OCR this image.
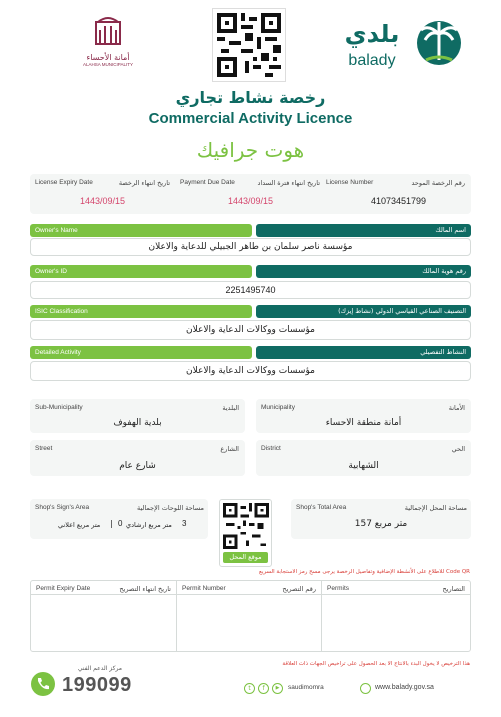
أمانة الأحساء
ALAHSA MUNICIPALITY
بلدي
balady
رخصة نشاط تجاري
Commercial Activity Licence
هوت جرافيك
License Expiry Date	تاريخ انتهاء الرخصة
1443/09/15
Payment Due Date	تاريخ انتهاء فترة السداد
1443/09/15
License Number	رقم الرخصة الموحد
41073451799
Owner's Name	اسم المالك
مؤسسة ناصر سلمان بن طاهر الجبيلي للدعاية والاعلان
Owner's ID	رقم هوية المالك
2251495740
ISIC Classification	التصنيف الصناعي القياسي الدولي (نشاط إيزك)
مؤسسات ووكالات الدعاية والاعلان
Detailed Activity	النشاط التفصيلي
مؤسسات ووكالات الدعاية والاعلان
Sub-Municipality	البلدية
بلدية الهفوف
Municipality	الأمانة
أمانة منطقة الاحساء
Street	الشارع
شارع عام
District	الحي
الشهابية
Shop's Sign's Area	مساحة اللوحات الإجمالية
متر مربع اعلاني | 0 متر مربع ارشادي 3
موقع المحل
Shop's Total Area	مساحة المحل الإجمالية
157 متر مربع
للاطلاع على الأنشطة الإضافية وتفاصيل الرخصة يرجى مسح رمز الاستجابة السريع Code QR
Permit Expiry Date	تاريخ انتهاء التصريح Permit Number	رقم التصريح Permits	التصاريح
هذا الترخيص لا يخول البدء بالانتاج الا بعد الحصول على تراخيص الجهات ذات العلاقة
مركز الدعم الفني
199099	t	f	▶	saudimomra	www.balady.gov.sa
